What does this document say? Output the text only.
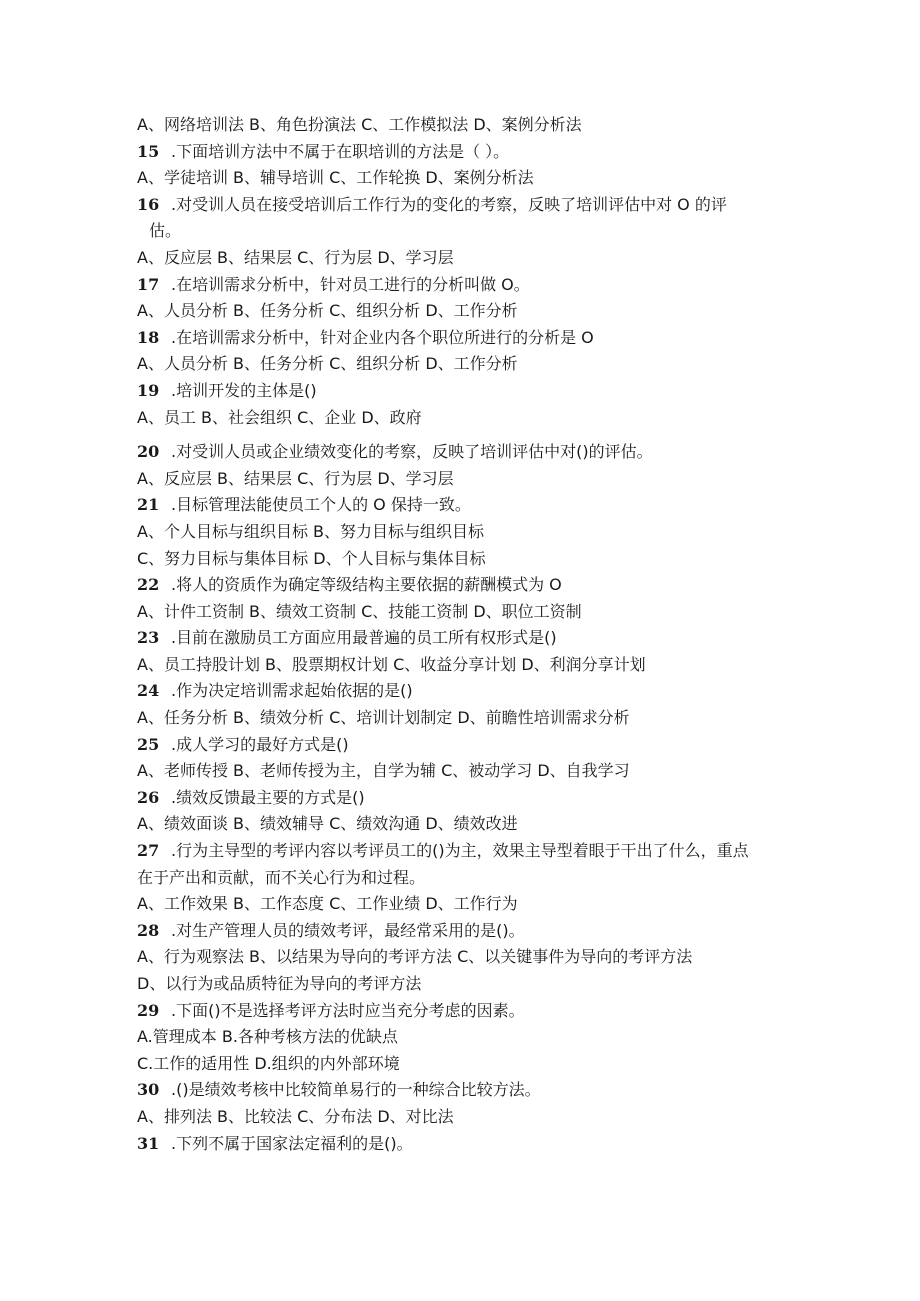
A、网络培训法 B、角色扮演法 C、工作模拟法 D、案例分析法
15 .下面培训方法中不属于在职培训的方法是（ ）。
A、学徒培训 B、辅导培训 C、工作轮换 D、案例分析法
16 .对受训人员在接受培训后工作行为的变化的考察，反映了培训评估中对 O 的评
估。
A、反应层 B、结果层 C、行为层 D、学习层
17 .在培训需求分析中，针对员工进行的分析叫做 O。
A、人员分析 B、任务分析 C、组织分析 D、工作分析
18 .在培训需求分析中，针对企业内各个职位所进行的分析是 O
A、人员分析 B、任务分析 C、组织分析 D、工作分析
19 .培训开发的主体是()
A、员工 B、社会组织 C、企业 D、政府
20 .对受训人员或企业绩效变化的考察，反映了培训评估中对()的评估。
A、反应层 B、结果层 C、行为层 D、学习层
21 .目标管理法能使员工个人的 O 保持一致。
A、个人目标与组织目标 B、努力目标与组织目标
C、努力目标与集体目标 D、个人目标与集体目标
22 .将人的资质作为确定等级结构主要依据的薪酬模式为 O
A、计件工资制 B、绩效工资制 C、技能工资制 D、职位工资制
23 .目前在激励员工方面应用最普遍的员工所有权形式是()
A、员工持股计划 B、股票期权计划 C、收益分享计划 D、利润分享计划
24 .作为决定培训需求起始依据的是()
A、任务分析 B、绩效分析 C、培训计划制定 D、前瞻性培训需求分析
25 .成人学习的最好方式是()
A、老师传授 B、老师传授为主，自学为辅 C、被动学习 D、自我学习
26 .绩效反馈最主要的方式是()
A、绩效面谈 B、绩效辅导 C、绩效沟通 D、绩效改进
27 .行为主导型的考评内容以考评员工的()为主，效果主导型着眼于干出了什么，重点
在于产出和贡献，而不关心行为和过程。
A、工作效果 B、工作态度 C、工作业绩 D、工作行为
28 .对生产管理人员的绩效考评，最经常采用的是()。
A、行为观察法 B、以结果为导向的考评方法 C、以关键事件为导向的考评方法
D、以行为或品质特征为导向的考评方法
29 .下面()不是选择考评方法时应当充分考虑的因素。
A.管理成本 B.各种考核方法的优缺点
C.工作的适用性 D.组织的内外部环境
30 .()是绩效考核中比较简单易行的一种综合比较方法。
A、排列法 B、比较法 C、分布法 D、对比法
31 .下列不属于国家法定福利的是()。
